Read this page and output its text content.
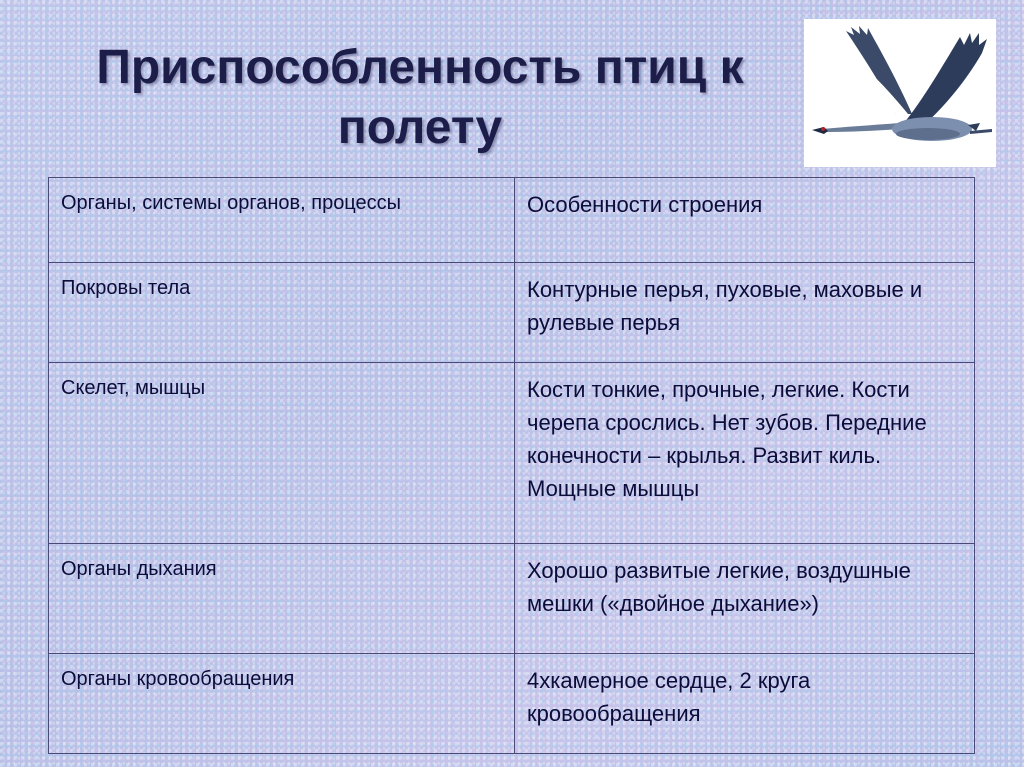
Приспособленность птиц к
полету
Органы, системы органов, процессы	Особенности строения
Покровы тела	Контурные перья, пуховые, маховые и рулевые перья
Скелет, мышцы	Кости тонкие, прочные, легкие. Кости черепа срослись. Нет зубов. Передние конечности – крылья. Развит киль. Мощные мышцы
Органы дыхания	Хорошо развитые легкие, воздушные мешки («двойное дыхание»)
Органы кровообращения	4хкамерное сердце, 2 круга кровообращения
